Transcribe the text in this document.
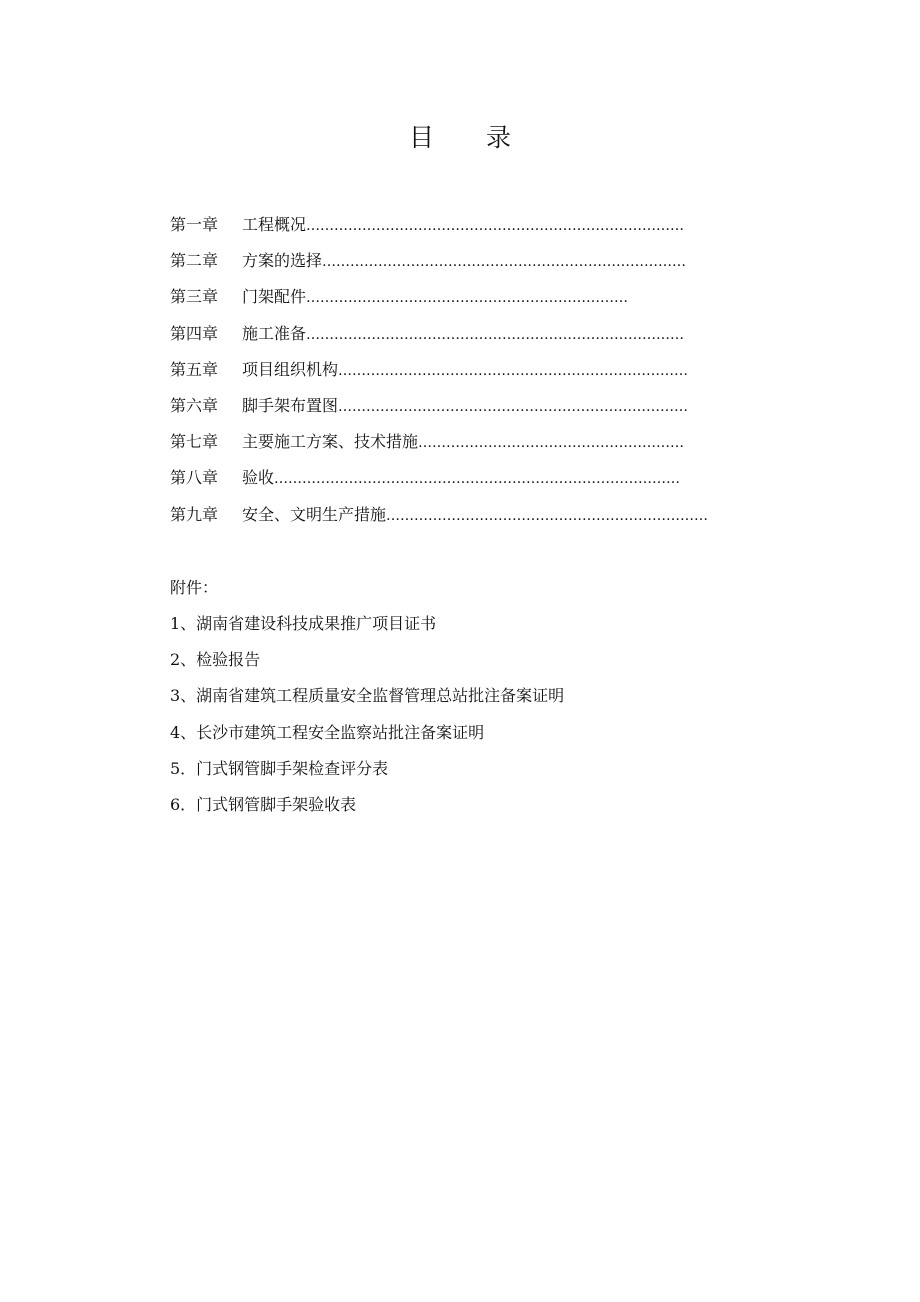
目 录
第一章	工程概况 ………………………………………………………………………
第二章	方案的选择 ……………………………………………………………………
第三章	门架配件 ……………………………………………………………
第四章	施工准备 ………………………………………………………………………
第五章	项目组织机构 …………………………………………………………………
第六章	脚手架布置图 …………………………………………………………………
第七章	主要施工方案、技术措施 …………………………………………………
第八章	验收 ……………………………………………………………………………
第九章	安全、文明生产措施 ……………………………………………………………
附件：
1、湖南省建设科技成果推广项目证书
2、检验报告
3、湖南省建筑工程质量安全监督管理总站批注备案证明
4、长沙市建筑工程安全监察站批注备案证明
5．门式钢管脚手架检查评分表
6．门式钢管脚手架验收表
